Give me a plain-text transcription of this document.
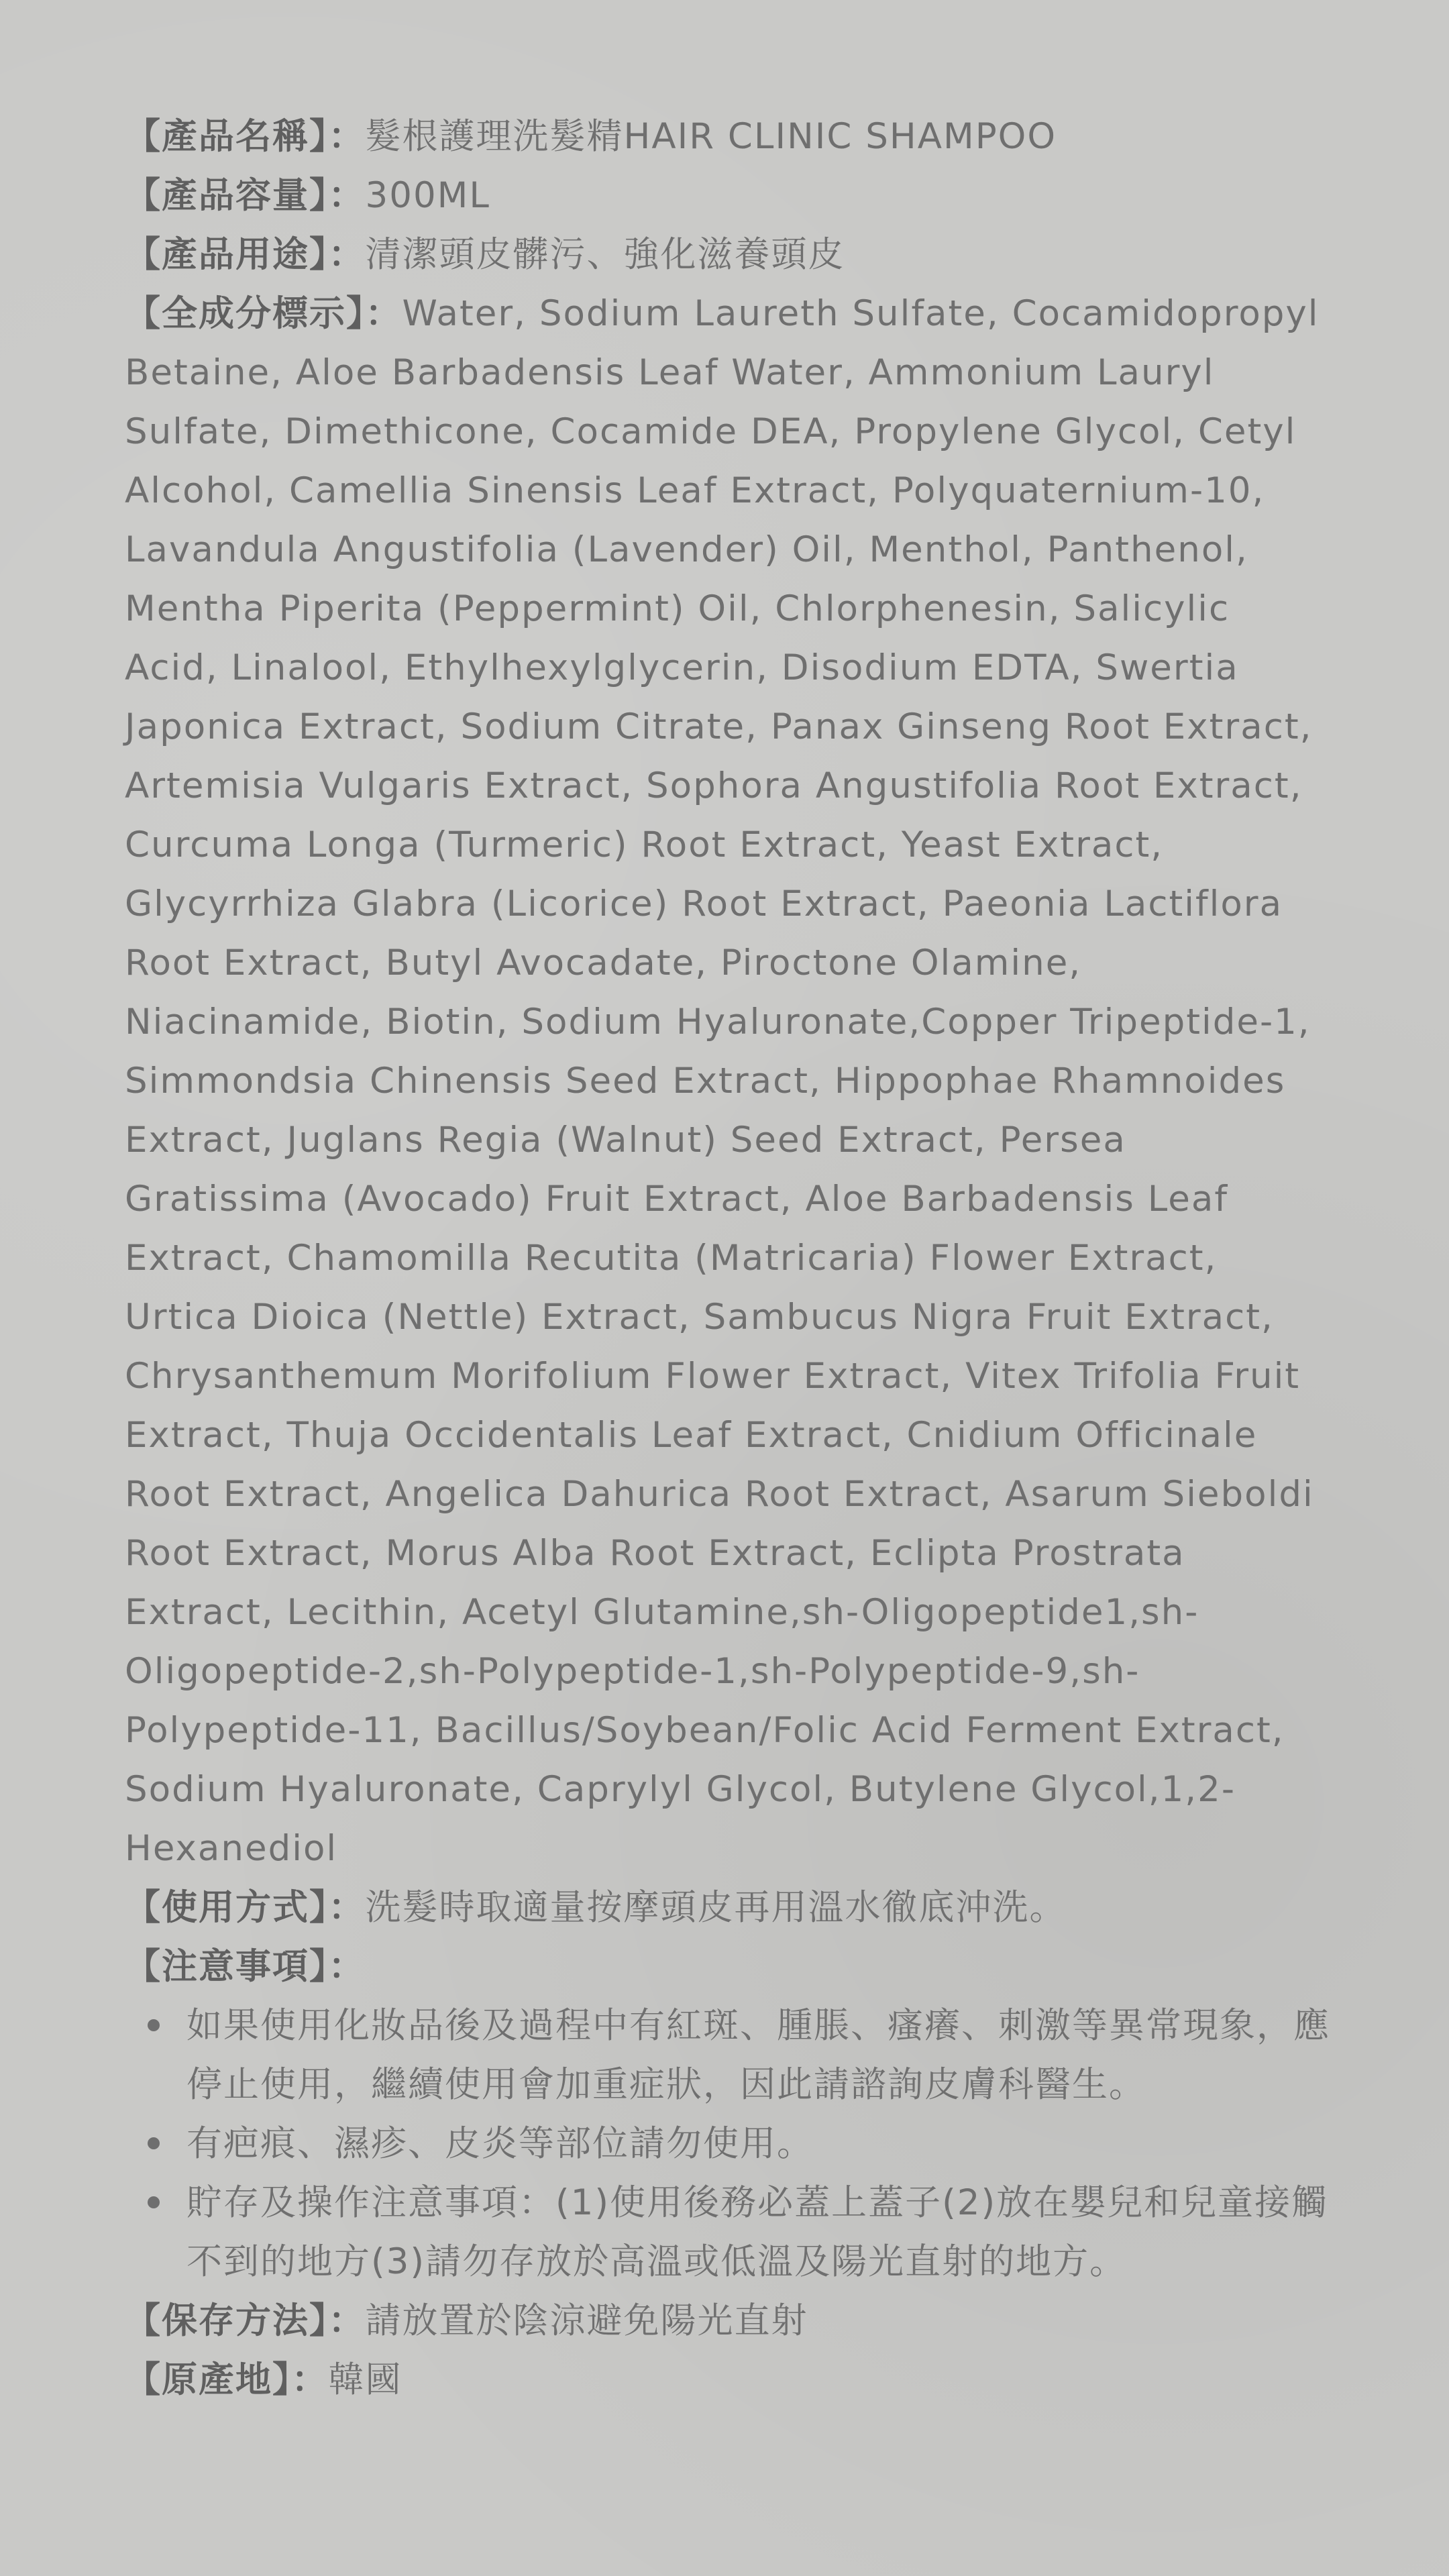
【產品名稱】：髮根護理洗髮精HAIR CLINIC SHAMPOO
【產品容量】：300ML
【產品用途】：清潔頭皮髒污、強化滋養頭皮
【全成分標示】：Water, Sodium Laureth Sulfate, Cocamidopropyl Betaine, Aloe Barbadensis Leaf Water, Ammonium Lauryl Sulfate, Dimethicone, Cocamide DEA, Propylene Glycol, Cetyl Alcohol, Camellia Sinensis Leaf Extract, Polyquaternium-10, Lavandula Angustifolia (Lavender) Oil, Menthol, Panthenol, Mentha Piperita (Peppermint) Oil, Chlorphenesin, Salicylic Acid, Linalool, Ethylhexylglycerin, Disodium EDTA, Swertia Japonica Extract, Sodium Citrate, Panax Ginseng Root Extract, Artemisia Vulgaris Extract, Sophora Angustifolia Root Extract, Curcuma Longa (Turmeric) Root Extract, Yeast Extract, Glycyrrhiza Glabra (Licorice) Root Extract, Paeonia Lactiflora Root Extract, Butyl Avocadate, Piroctone Olamine, Niacinamide, Biotin, Sodium Hyaluronate,Copper Tripeptide-1, Simmondsia Chinensis Seed Extract, Hippophae Rhamnoides Extract, Juglans Regia (Walnut) Seed Extract, Persea Gratissima (Avocado) Fruit Extract, Aloe Barbadensis Leaf Extract, Chamomilla Recutita (Matricaria) Flower Extract, Urtica Dioica (Nettle) Extract, Sambucus Nigra Fruit Extract, Chrysanthemum Morifolium Flower Extract, Vitex Trifolia Fruit Extract, Thuja Occidentalis Leaf Extract, Cnidium Officinale Root Extract, Angelica Dahurica Root Extract, Asarum Sieboldi Root Extract, Morus Alba Root Extract, Eclipta Prostrata Extract, Lecithin, Acetyl Glutamine,sh-Oligopeptide1,sh-Oligopeptide-2,sh-Polypeptide-1,sh-Polypeptide-9,sh-Polypeptide-11, Bacillus/Soybean/Folic Acid Ferment Extract, Sodium Hyaluronate, Caprylyl Glycol, Butylene Glycol,1,2-Hexanediol
【使用方式】：洗髮時取適量按摩頭皮再用溫水徹底沖洗。
【注意事項】：
如果使用化妝品後及過程中有紅斑、腫脹、瘙癢、刺激等異常現象，應停止使用，繼續使用會加重症狀，因此請諮詢皮膚科醫生。
有疤痕、濕疹、皮炎等部位請勿使用。
貯存及操作注意事項：(1)使用後務必蓋上蓋子(2)放在嬰兒和兒童接觸不到的地方(3)請勿存放於高溫或低溫及陽光直射的地方。
【保存方法】：請放置於陰涼避免陽光直射
【原產地】：韓國
